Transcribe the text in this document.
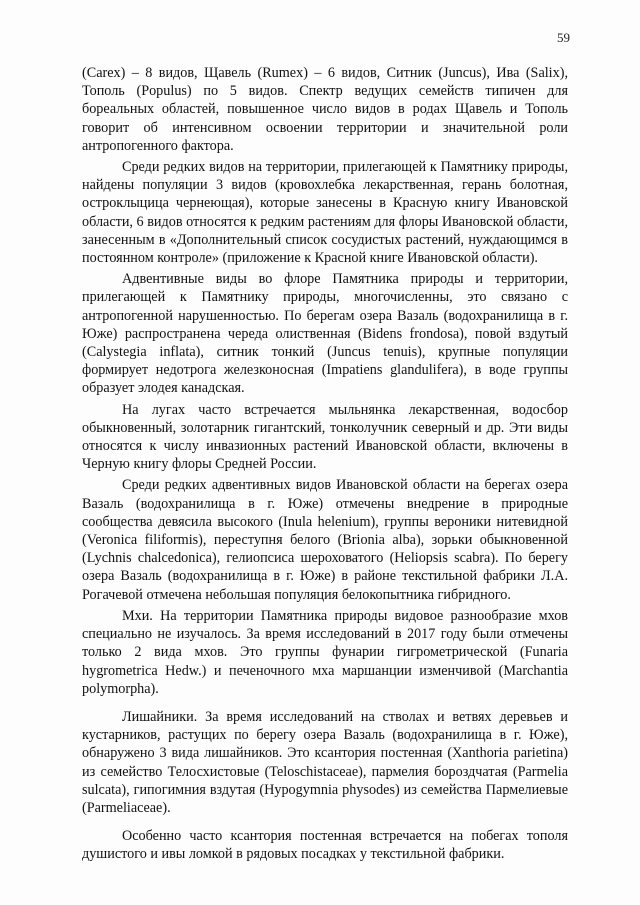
59

(Carex) – 8 видов, Щавель (Rumex) – 6 видов, Ситник (Juncus), Ива (Salix), Тополь (Populus) по 5 видов. Спектр ведущих семейств типичен для бореальных областей, повышенное число видов в родах Щавель и Тополь говорит об интенсивном освоении территории и значительной роли антропогенного фактора.

Среди редких видов на территории, прилегающей к Памятнику природы, найдены популяции 3 видов (кровохлебка лекарственная, герань болотная, остроклыцица чернеющая), которые занесены в Красную книгу Ивановской области, 6 видов относятся к редким растениям для флоры Ивановской области, занесенным в «Дополнительный список сосудистых растений, нуждающимся в постоянном контроле» (приложение к Красной книге Ивановской области).

Адвентивные виды во флоре Памятника природы и территории, прилегающей к Памятнику природы, многочисленны, это связано с антропогенной нарушенностью. По берегам озера Вазаль (водохранилища в г. Юже) распространена череда олиственная (Bidens frondosa), повой вздутый (Calystegia inflata), ситник тонкий (Juncus tenuis), крупные популяции формирует недотрога железконосная (Impatiens glandulifera), в воде группы образует элодея канадская.

На лугах часто встречается мыльнянка лекарственная, водосбор обыкновенный, золотарник гигантский, тонколучник северный и др. Эти виды относятся к числу инвазионных растений Ивановской области, включены в Черную книгу флоры Средней России.

Среди редких адвентивных видов Ивановской области на берегах озера Вазаль (водохранилища в г. Юже) отмечены внедрение в природные сообщества девясила высокого (Inula helenium), группы вероники нитевидной (Veronica filiformis), переступня белого (Brionia alba), зорьки обыкновенной (Lychnis chalcedonica), гелиопсиса шероховатого (Heliopsis scabra). По берегу озера Вазаль (водохранилища в г. Юже) в районе текстильной фабрики Л.А. Рогачевой отмечена небольшая популяция белокопытника гибридного.

Мхи. На территории Памятника природы видовое разнообразие мхов специально не изучалось. За время исследований в 2017 году были отмечены только 2 вида мхов. Это группы фунарии гигрометрической (Funaria hygrometrica Hedw.) и печеночного мха маршанции изменчивой (Marchantia polymorpha).

Лишайники. За время исследований на стволах и ветвях деревьев и кустарников, растущих по берегу озера Вазаль (водохранилища в г. Юже), обнаружено 3 вида лишайников. Это ксантория постенная (Xanthoria parietina) из семейство Телосхистовые (Teloschistaceae), пармелия бороздчатая (Parmelia sulcata), гипогимния вздутая (Hypogymnia physodes) из семейства Пармелиевые (Parmeliaceae).

Особенно часто ксантория постенная встречается на побегах тополя душистого и ивы ломкой в рядовых посадках у текстильной фабрики.
